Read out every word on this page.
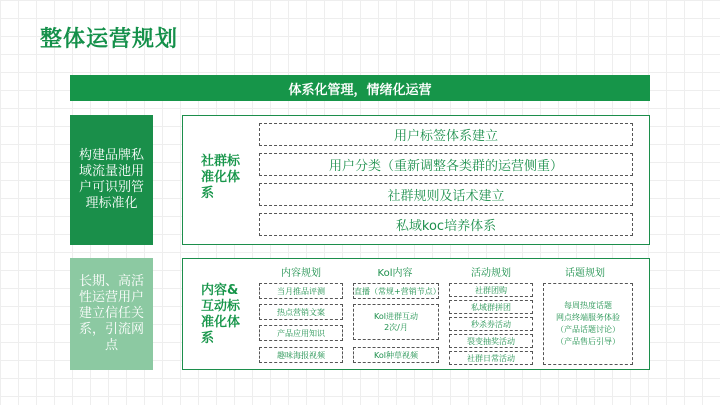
整体运营规划
体系化管理，情绪化运营
构建品牌私域流量池用户可识别管理标准化
长期、高活性运营用户建立信任关系，引流网点
社群标准化体系
用户标签体系建立
用户分类（重新调整各类群的运营侧重）
社群规则及话术建立
私域koc培养体系
内容&互动标准化体系
内容规划
当月推品评测
热点营销文案
产品应用知识
趣味海报视频
Kol内容
直播（常规+营销节点）
Kol进群互动
2次/月
Kol种草视频
活动规划
社群团购
私域群拼团
秒杀券活动
裂变抽奖活动
社群日常活动
话题规划
每周热度话题
网点终端服务体验
（产品话题讨论）
（产品售后引导）
